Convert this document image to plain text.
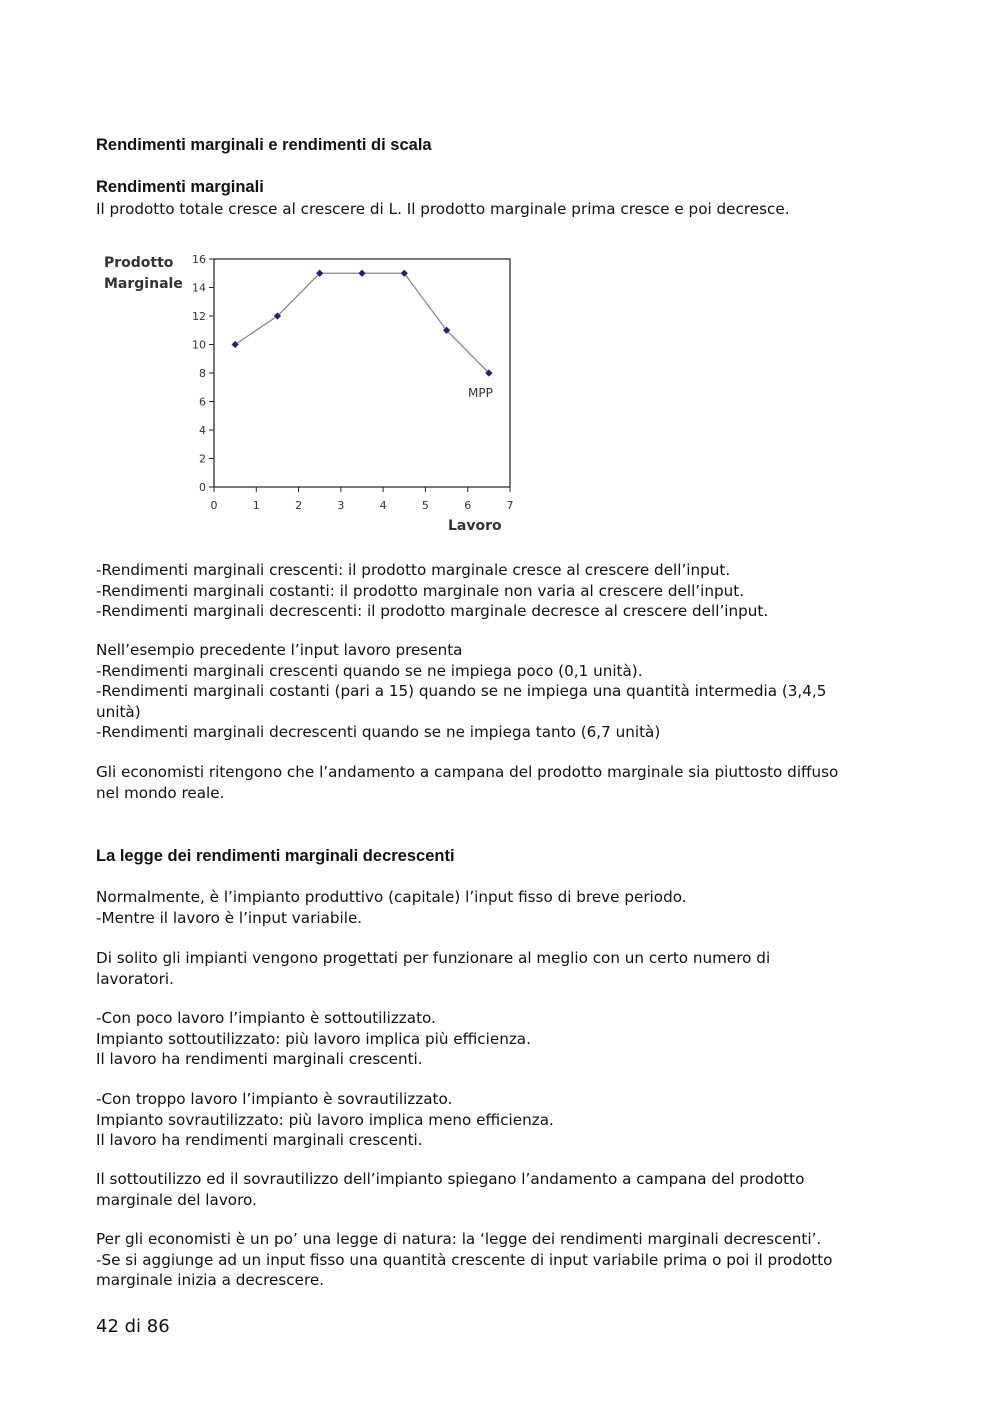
Rendimenti marginali e rendimenti di scala
Rendimenti marginali
Il prodotto totale cresce al crescere di L. Il prodotto marginale prima cresce e poi decresce.
-Rendimenti marginali crescenti: il prodotto marginale cresce al crescere dell’input.
-Rendimenti marginali costanti: il prodotto marginale non varia al crescere dell’input.
-Rendimenti marginali decrescenti: il prodotto marginale decresce al crescere dell’input.
Nell’esempio precedente l’input lavoro presenta
-Rendimenti marginali crescenti quando se ne impiega poco (0,1 unità).
-Rendimenti marginali costanti (pari a 15) quando se ne impiega una quantità intermedia (3,4,5
unità)
-Rendimenti marginali decrescenti quando se ne impiega tanto (6,7 unità)
Gli economisti ritengono che l’andamento a campana del prodotto marginale sia piuttosto diffuso
nel mondo reale.
La legge dei rendimenti marginali decrescenti
Normalmente, è l’impianto produttivo (capitale) l’input fisso di breve periodo.
-Mentre il lavoro è l’input variabile.
Di solito gli impianti vengono progettati per funzionare al meglio con un certo numero di
lavoratori.
-Con poco lavoro l’impianto è sottoutilizzato.
Impianto sottoutilizzato: più lavoro implica più efficienza.
Il lavoro ha rendimenti marginali crescenti.
-Con troppo lavoro l’impianto è sovrautilizzato.
Impianto sovrautilizzato: più lavoro implica meno efficienza.
Il lavoro ha rendimenti marginali crescenti.
Il sottoutilizzo ed il sovrautilizzo dell’impianto spiegano l’andamento a campana del prodotto
marginale del lavoro.
Per gli economisti è un po’ una legge di natura: la ‘legge dei rendimenti marginali decrescenti’.
-Se si aggiunge ad un input fisso una quantità crescente di input variabile prima o poi il prodotto
marginale inizia a decrescere.
Prodotto
Marginale
0
2
4
6
8
10
12
14
16
0	1	2	3	4	5	6	7
MPP
Lavoro
42 di 86
